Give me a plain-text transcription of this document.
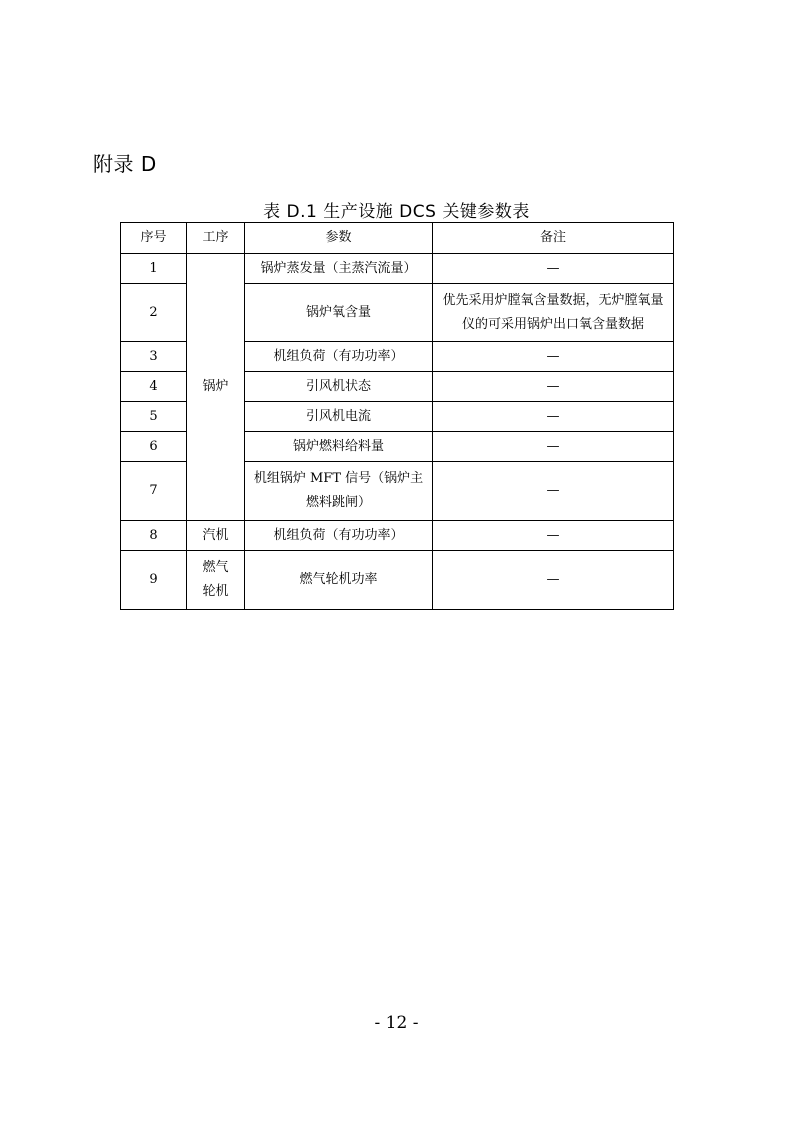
附录 D
表 D.1 生产设施 DCS 关键参数表
序号	工序	参数	备注
1	锅炉	锅炉蒸发量（主蒸汽流量）	—
2		锅炉氧含量	优先采用炉膛氧含量数据，无炉膛氧量仪的可采用锅炉出口氧含量数据
3		机组负荷（有功功率）	—
4		引风机状态	—
5		引风机电流	—
6		锅炉燃料给料量	—
7		机组锅炉 MFT 信号（锅炉主燃料跳闸）	—
8	汽机	机组负荷（有功功率）	—
9	燃气轮机	燃气轮机功率	—
- 12 -
